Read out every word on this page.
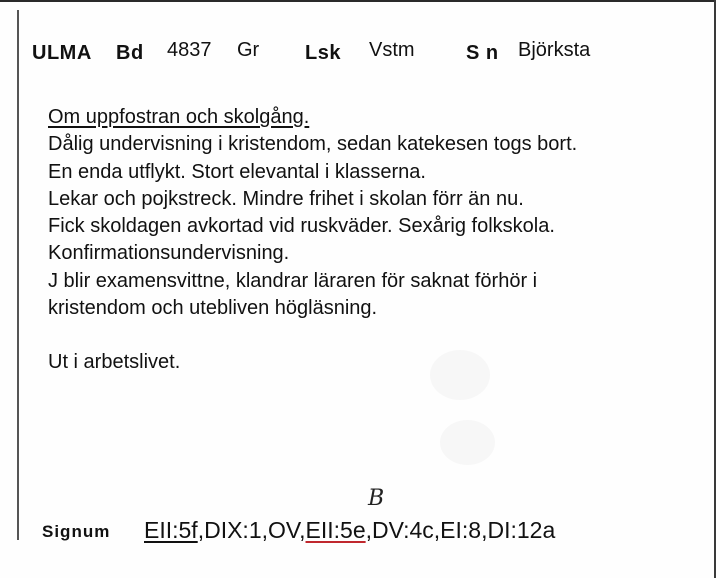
ULMA Bd 4837 Gr Lsk Vstm	S n Björksta
Om uppfostran och skolgång.
Dålig undervisning i kristendom, sedan katekesen togs bort.
En enda utflykt. Stort elevantal i klasserna.
Lekar och pojkstreck. Mindre frihet i skolan förr än nu.
Fick skoldagen avkortad vid ruskväder. Sexårig folkskola.
Konfirmationsundervisning.
J blir examensvittne, klandrar läraren för saknat förhör i
kristendom och utebliven högläsning.
Ut i arbetslivet.
B
Signum EII:5f,DIX:1,OV,EII:5e,DV:4c,EI:8,DI:12a
